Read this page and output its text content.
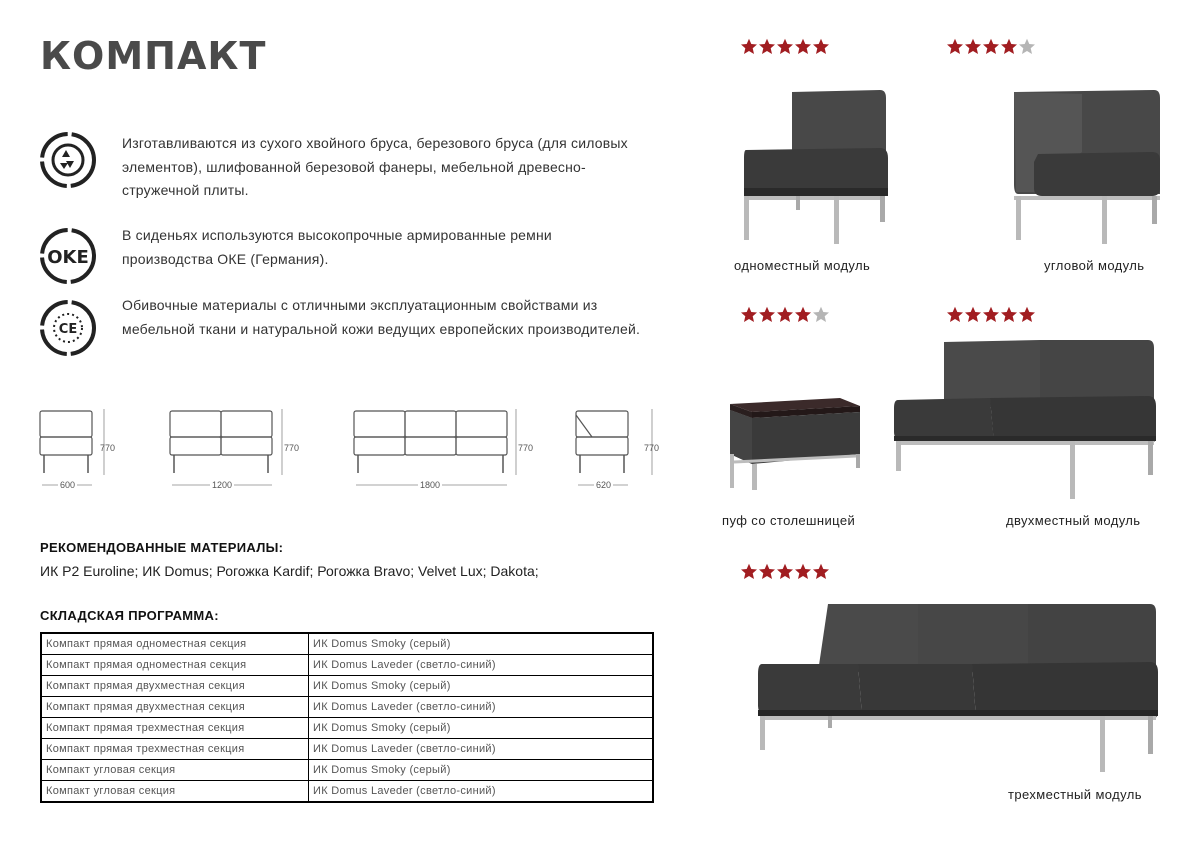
КОМПАКТ
Изготавливаются из сухого хвойного бруса, березового бруса (для силовых элементов), шлифованной березовой фанеры, мебельной древесно-стружечной плиты.
OKE
В сиденьях используются высокопрочные армированные ремни производства ОКЕ (Германия).
CE
Обивочные материалы с отличными эксплуатационным свойствами из мебельной ткани и натуральной кожи ведущих европейских производителей.
770
600
770
1200
770
1800
770
620
РЕКОМЕНДОВАННЫЕ МАТЕРИАЛЫ:
ИК Р2 Euroline; ИК Domus; Рогожка Kardif; Рогожка Bravo; Velvet Lux; Dakota;
СКЛАДСКАЯ ПРОГРАММА:
Компакт прямая одноместная секция	ИК Domus Smoky (серый)
Компакт прямая одноместная секция	ИК Domus Laveder (светло-синий)
Компакт прямая двухместная секция	ИК Domus Smoky (серый)
Компакт прямая двухместная секция	ИК Domus Laveder (светло-синий)
Компакт прямая трехместная секция	ИК Domus Smoky (серый)
Компакт прямая трехместная секция	ИК Domus Laveder (светло-синий)
Компакт угловая секция	ИК Domus Smoky (серый)
Компакт угловая секция	ИК Domus Laveder (светло-синий)
одноместный модуль	угловой модуль
пуф со столешницей	двухместный модуль
трехместный модуль
